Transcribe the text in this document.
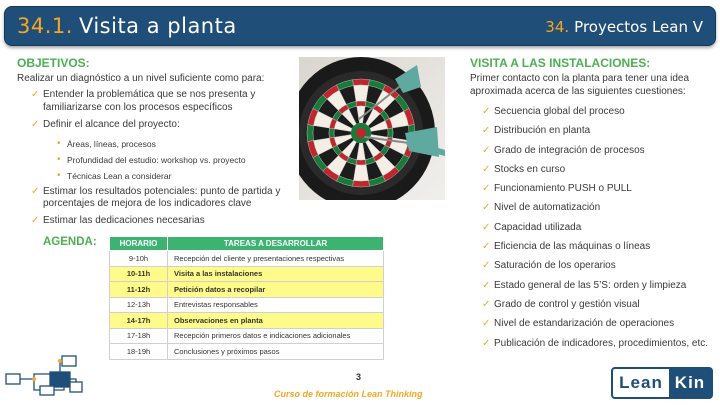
34.1. Visita a planta	34. Proyectos Lean V
OBJETIVOS:
Realizar un diagnóstico a un nivel suficiente como para:
✓ Entender la problemática que se nos presenta y familiarizarse con los procesos específicos
✓ Definir el alcance del proyecto:
• Áreas, líneas, procesos
• Profundidad del estudio: workshop vs. proyecto
• Técnicas Lean a considerar
✓ Estimar los resultados potenciales: punto de partida y porcentajes de mejora de los indicadores clave
✓ Estimar las dedicaciones necesarias
AGENDA:	HORARIO	TAREAS A DESARROLLAR
9-10h	Recepción del cliente y presentaciones respectivas
10-11h	Visita a las instalaciones
11-12h	Petición datos a recopilar
12-13h	Entrevistas responsables
14-17h	Observaciones en planta
17-18h	Recepción primeros datos e indicaciones adicionales
18-19h	Conclusiones y próximos pasos
VISITA A LAS INSTALACIONES:
Primer contacto con la planta para tener una idea aproximada acerca de las siguientes cuestiones:
✓ Secuencia global del proceso
✓ Distribución en planta
✓ Grado de integración de procesos
✓ Stocks en curso
✓ Funcionamiento PUSH o PULL
✓ Nivel de automatización
✓ Capacidad utilizada
✓ Eficiencia de las máquinas o líneas
✓ Saturación de los operarios
✓ Estado general de las 5’S: orden y limpieza
✓ Grado de control y gestión visual
✓ Nivel de estandarización de operaciones
✓ Publicación de indicadores, procedimientos, etc.
3
Curso de formación Lean Thinking
Lean Kin
